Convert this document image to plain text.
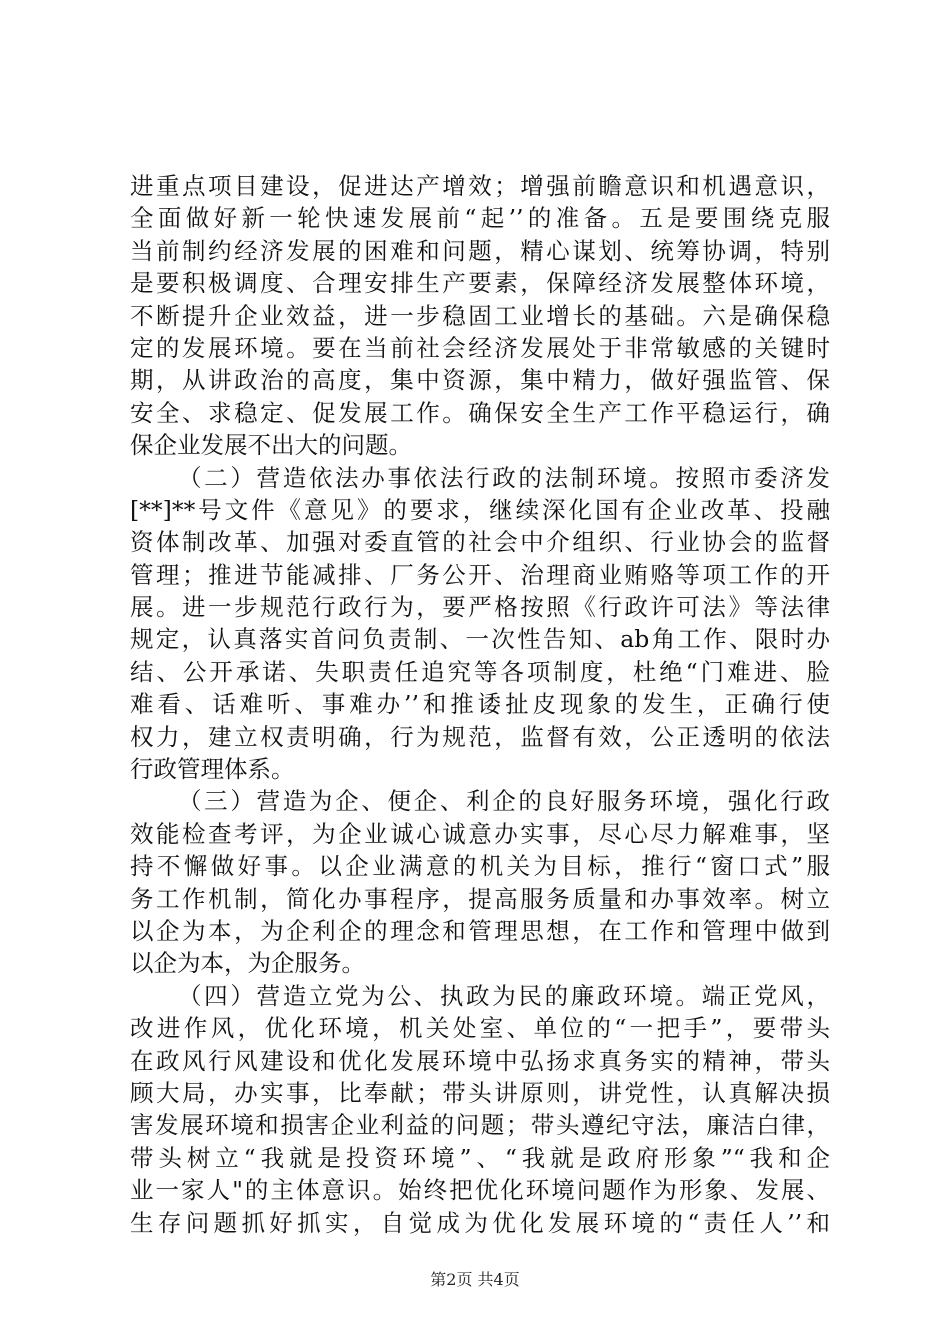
进重点项目建设，促进达产增效；增强前瞻意识和机遇意识，
全面做好新一轮快速发展前“起’’的准备。五是要围绕克服
当前制约经济发展的困难和问题，精心谋划、统筹协调，特别
是要积极调度、合理安排生产要素，保障经济发展整体环境，
不断提升企业效益，进一步稳固工业增长的基础。六是确保稳
定的发展环境。要在当前社会经济发展处于非常敏感的关键时
期，从讲政治的高度，集中资源，集中精力，做好强监管、保
安全、求稳定、促发展工作。确保安全生产工作平稳运行，确
保企业发展不出大的问题。
（二）营造依法办事依法行政的法制环境。按照市委济发
[**]**号文件《意见》的要求，继续深化国有企业改革、投融
资体制改革、加强对委直管的社会中介组织、行业协会的监督
管理；推进节能减排、厂务公开、治理商业贿赂等项工作的开
展。进一步规范行政行为，要严格按照《行政许可法》等法律
规定，认真落实首问负责制、一次性告知、ab角工作、限时办
结、公开承诺、失职责任追究等各项制度，杜绝“门难进、脸
难看、话难听、事难办’’和推诿扯皮现象的发生，正确行使
权力，建立权责明确，行为规范，监督有效，公正透明的依法
行政管理体系。
（三）营造为企、便企、利企的良好服务环境，强化行政
效能检查考评，为企业诚心诚意办实事，尽心尽力解难事，坚
持不懈做好事。以企业满意的机关为目标，推行“窗口式”服
务工作机制，简化办事程序，提高服务质量和办事效率。树立
以企为本，为企利企的理念和管理思想，在工作和管理中做到
以企为本，为企服务。
（四）营造立党为公、执政为民的廉政环境。端正党风，
改进作风，优化环境，机关处室、单位的“一把手”，要带头
在政风行风建设和优化发展环境中弘扬求真务实的精神，带头
顾大局，办实事，比奉献；带头讲原则，讲党性，认真解决损
害发展环境和损害企业利益的问题；带头遵纪守法，廉洁白律，
带头树立“我就是投资环境”、“我就是政府形象”“我和企
业一家人"的主体意识。始终把优化环境问题作为形象、发展、
生存问题抓好抓实，自觉成为优化发展环境的“责任人’’和
第2页 共4页
